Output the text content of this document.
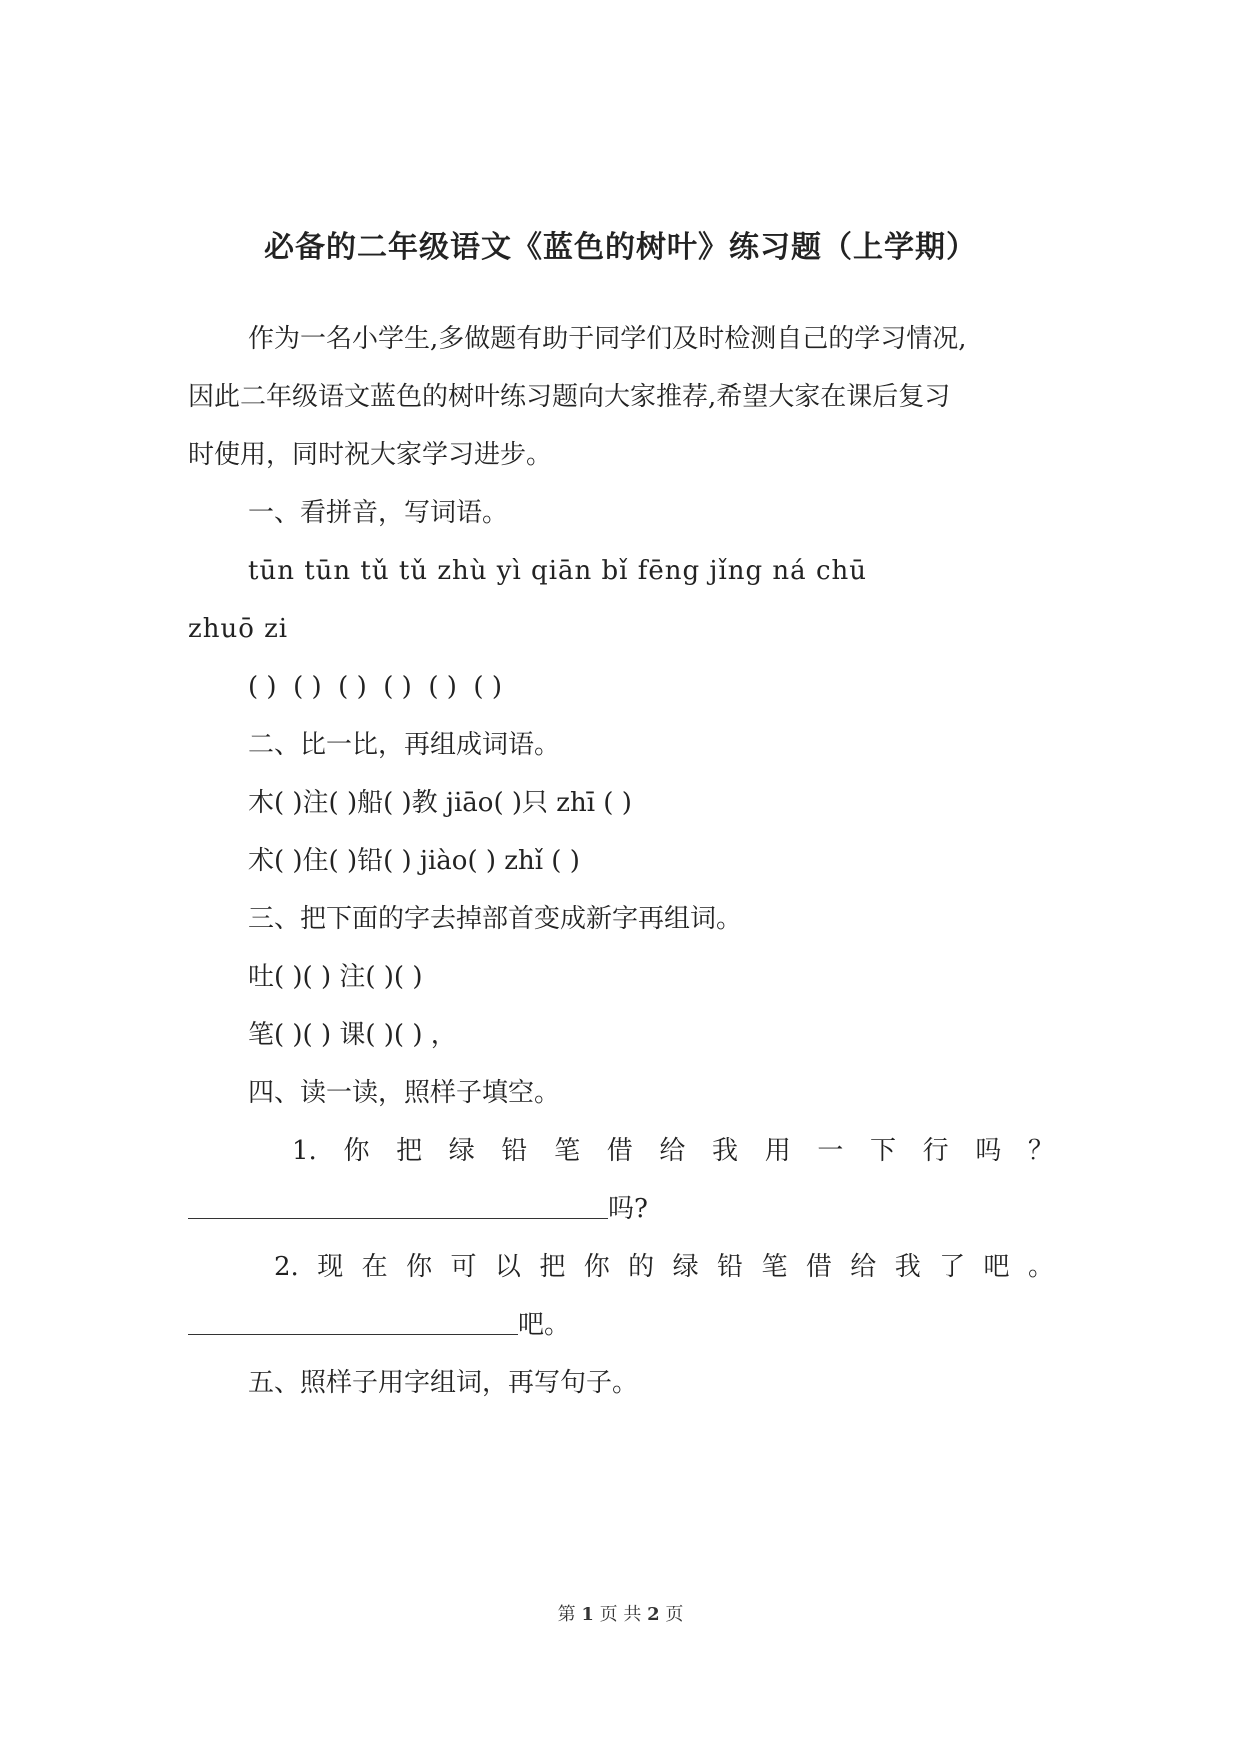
必备的二年级语文《蓝色的树叶》练习题（上学期）
作为一名小学生,多做题有助于同学们及时检测自己的学习情况,
因此二年级语文蓝色的树叶练习题向大家推荐,希望大家在课后复习
时使用，同时祝大家学习进步。
一、看拼音，写词语。
tūn tūn tǔ tǔ zhù yì qiān bǐ fēng jǐng ná chū
zhuō zi
( )  ( )  ( )  ( )  ( )  ( )
二、比一比，再组成词语。
木( )注( )船( )教 jiāo( )只 zhī ( )
术( )住( )铅( ) jiào( ) zhǐ ( )
三、把下面的字去掉部首变成新字再组词。
吐( )( ) 注( )( )
笔( )( ) 课( )( ) ，
四、读一读，照样子填空。
1. 你 把 绿 铅 笔 借 给 我 用 一 下 行 吗 ？
吗?
2. 现 在 你 可 以 把 你 的 绿 铅 笔 借 给 我 了 吧 。
吧。
五、照样子用字组词，再写句子。
第 1 页 共 2 页
